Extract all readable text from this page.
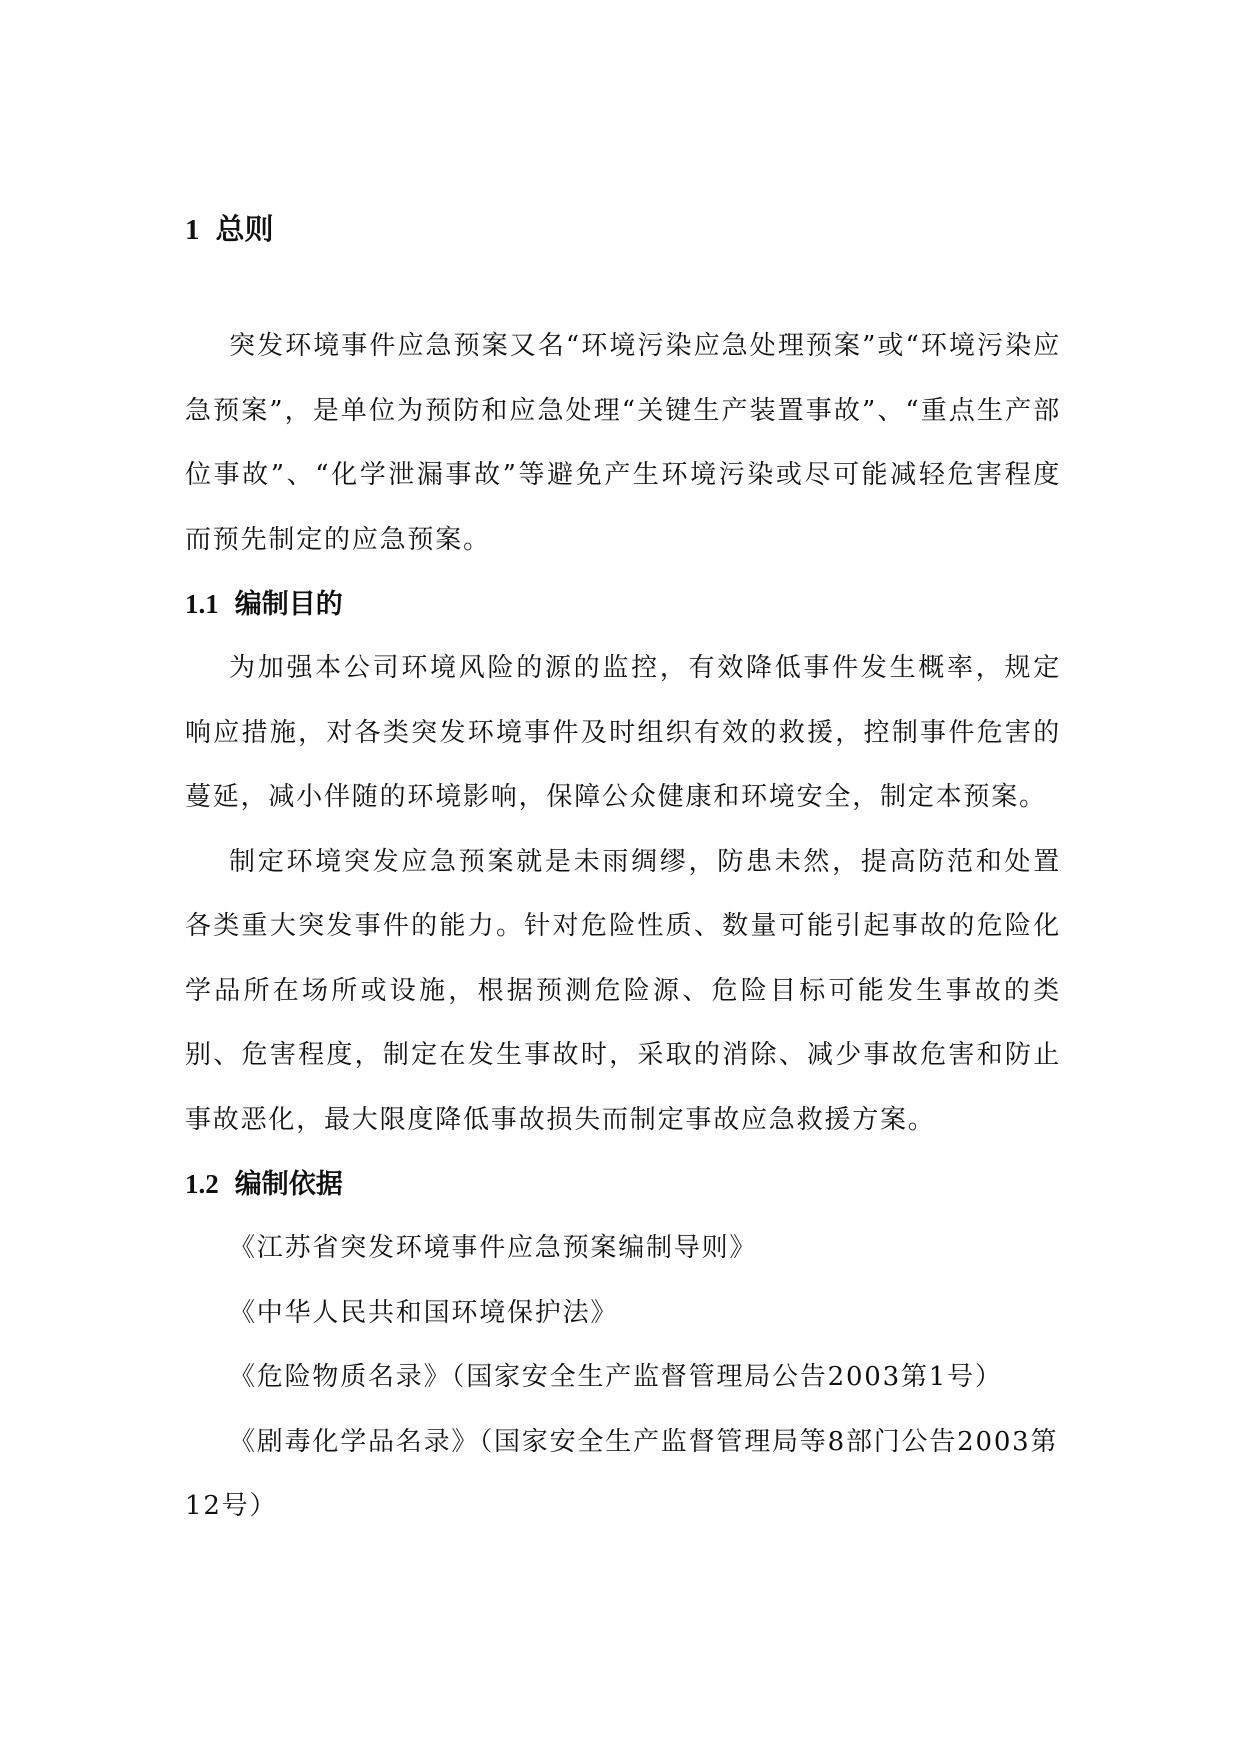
1 总则

突发环境事件应急预案又名“环境污染应急处理预案”或“环境污染应急预案”，是单位为预防和应急处理“关键生产装置事故”、“重点生产部位事故”、“化学泄漏事故”等避免产生环境污染或尽可能减轻危害程度而预先制定的应急预案。

1.1 编制目的

为加强本公司环境风险的源的监控，有效降低事件发生概率，规定响应措施，对各类突发环境事件及时组织有效的救援，控制事件危害的蔓延，减小伴随的环境影响，保障公众健康和环境安全，制定本预案。

制定环境突发应急预案就是未雨绸缪，防患未然，提高防范和处置各类重大突发事件的能力。针对危险性质、数量可能引起事故的危险化学品所在场所或设施，根据预测危险源、危险目标可能发生事故的类别、危害程度，制定在发生事故时，采取的消除、减少事故危害和防止事故恶化，最大限度降低事故损失而制定事故应急救援方案。

1.2 编制依据

《江苏省突发环境事件应急预案编制导则》

《中华人民共和国环境保护法》

《危险物质名录》（国家安全生产监督管理局公告2003第1号）

《剧毒化学品名录》（国家安全生产监督管理局等8部门公告2003第12号）
